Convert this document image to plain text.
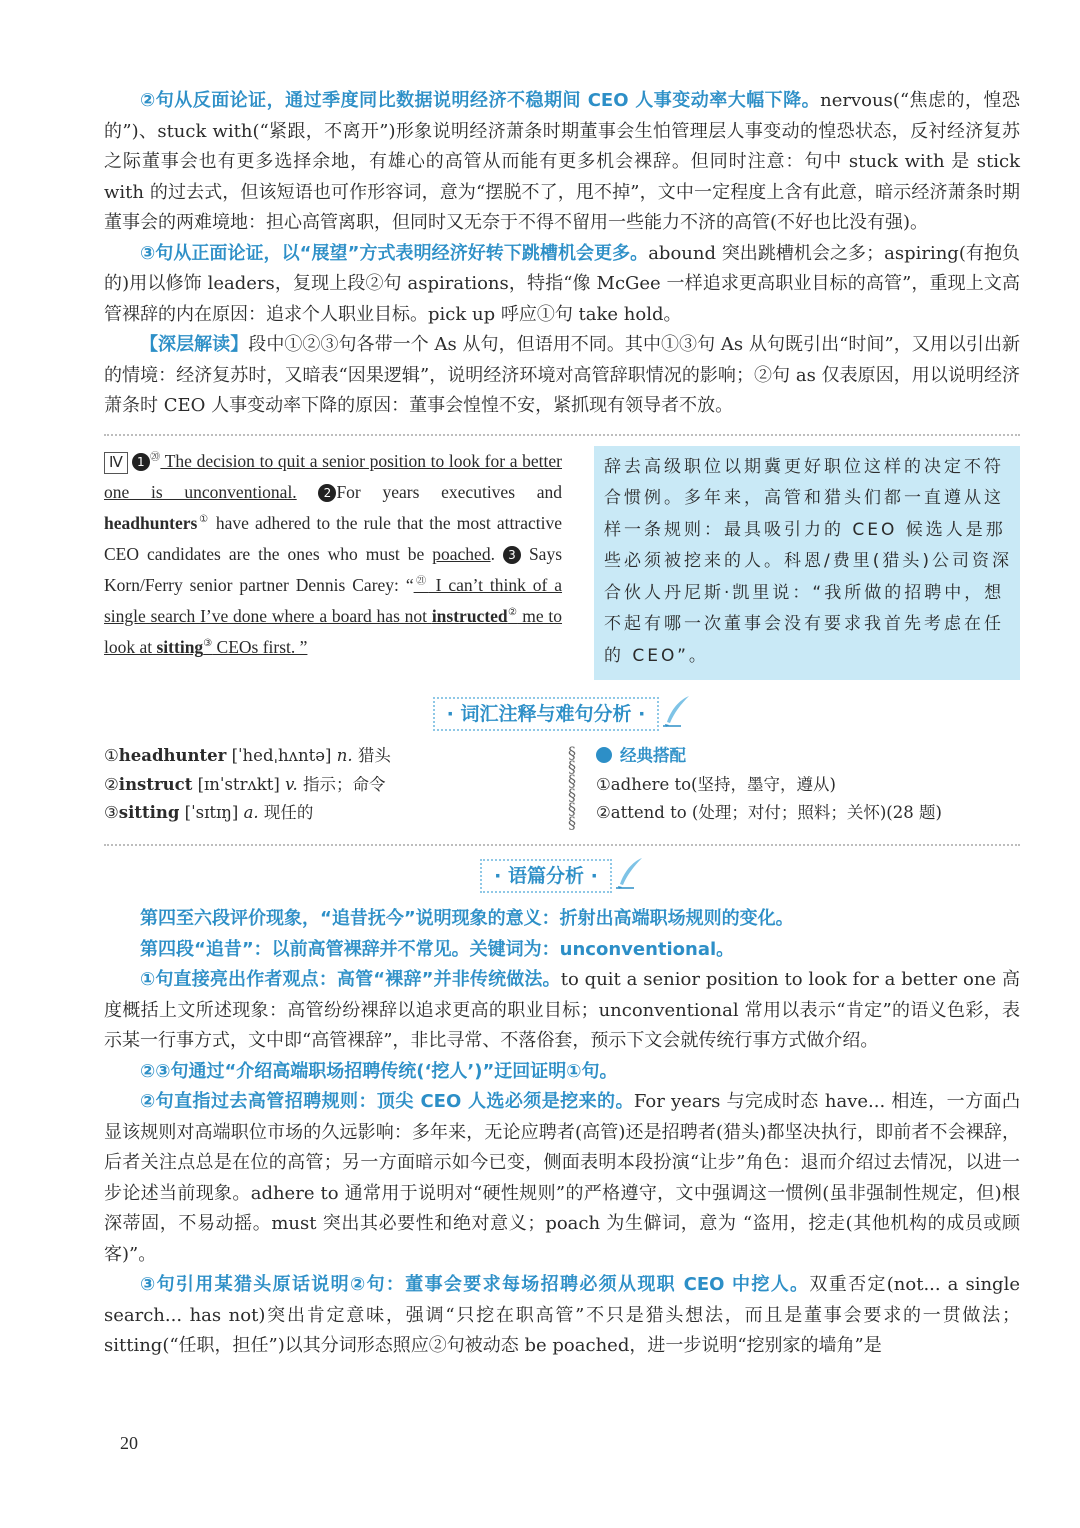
②句从反面论证，通过季度同比数据说明经济不稳期间 CEO 人事变动率大幅下降。nervous(“焦虑的，惶恐的”)、stuck with(“紧跟，不离开”)形象说明经济萧条时期董事会生怕管理层人事变动的惶恐状态，反衬经济复苏之际董事会也有更多选择余地，有雄心的高管从而能有更多机会裸辞。但同时注意：句中 stuck with 是 stick with 的过去式，但该短语也可作形容词，意为“摆脱不了，甩不掉”，文中一定程度上含有此意，暗示经济萧条时期董事会的两难境地：担心高管离职，但同时又无奈于不得不留用一些能力不济的高管(不好也比没有强)。

③句从正面论证，以“展望”方式表明经济好转下跳槽机会更多。abound 突出跳槽机会之多；aspiring(有抱负的)用以修饰 leaders，复现上段②句 aspirations，特指“像 McGee 一样追求更高职业目标的高管”，重现上文高管裸辞的内在原因：追求个人职业目标。pick up 呼应①句 take hold。

【深层解读】段中①②③句各带一个 As 从句，但语用不同。其中①③句 As 从句既引出“时间”，又用以引出新的情境：经济复苏时，又暗表“因果逻辑”，说明经济环境对高管辞职情况的影响；②句 as 仅表原因，用以说明经济萧条时 CEO 人事变动率下降的原因：董事会惶惶不安，紧抓现有领导者不放。

Ⅳ 1 ⑳ The decision to quit a senior position to look for a better one is unconventional. 2 For years executives and headhunters① have adhered to the rule that the most attractive CEO candidates are the ones who must be poached. 3 Says Korn/Ferry senior partner Dennis Carey: “$^㉑$ I can’t think of a single search I’ve done where a board has not instructed② me to look at sitting③ CEOs first. ”
辞去高级职位以期冀更好职位这样的决定不符合惯例。多年来，高管和猎头们都一直遵从这样一条规则：最具吸引力的 CEO 候选人是那些必须被挖来的人。科恩/费里(猎头)公司资深合伙人丹尼斯·凯里说：“我所做的招聘中，想不起有哪一次董事会没有要求我首先考虑在任的 CEO”。
· 词汇注释与难句分析 ·
①headhunter [ˈhedˌhʌntə] n. 猎头
②instruct [ɪnˈstrʌkt] v. 指示；命令
③sitting [ˈsɪtɪŋ] a. 现任的
§
§
§
§
§
§
经典搭配
①adhere to(坚持，墨守，遵从)
②attend to (处理；对付；照料；关怀)(28 题)
· 语篇分析 ·

第四至六段评价现象，“追昔抚今”说明现象的意义：折射出高端职场规则的变化。

第四段“追昔”：以前高管裸辞并不常见。关键词为：unconventional。

①句直接亮出作者观点：高管“裸辞”并非传统做法。to quit a senior position to look for a better one 高度概括上文所述现象：高管纷纷裸辞以追求更高的职业目标；unconventional 常用以表示“肯定”的语义色彩，表示某一行事方式，文中即“高管裸辞”，非比寻常、不落俗套，预示下文会就传统行事方式做介绍。

②③句通过“介绍高端职场招聘传统(‘挖人’)”迂回证明①句。

②句直指过去高管招聘规则：顶尖 CEO 人选必须是挖来的。For years 与完成时态 have... 相连，一方面凸显该规则对高端职位市场的久远影响：多年来，无论应聘者(高管)还是招聘者(猎头)都坚决执行，即前者不会裸辞，后者关注点总是在位的高管；另一方面暗示如今已变，侧面表明本段扮演“让步”角色：退而介绍过去情况，以进一步论述当前现象。adhere to 通常用于说明对“硬性规则”的严格遵守，文中强调这一惯例(虽非强制性规定，但)根深蒂固，不易动摇。must 突出其必要性和绝对意义；poach 为生僻词，意为 “盗用，挖走(其他机构的成员或顾客)”。

③句引用某猎头原话说明②句：董事会要求每场招聘必须从现职 CEO 中挖人。双重否定(not... a single search... has not)突出肯定意味，强调“只挖在职高管”不只是猎头想法，而且是董事会要求的一贯做法；sitting(“任职，担任”)以其分词形态照应②句被动态 be poached，进一步说明“挖别家的墙角”是

20
